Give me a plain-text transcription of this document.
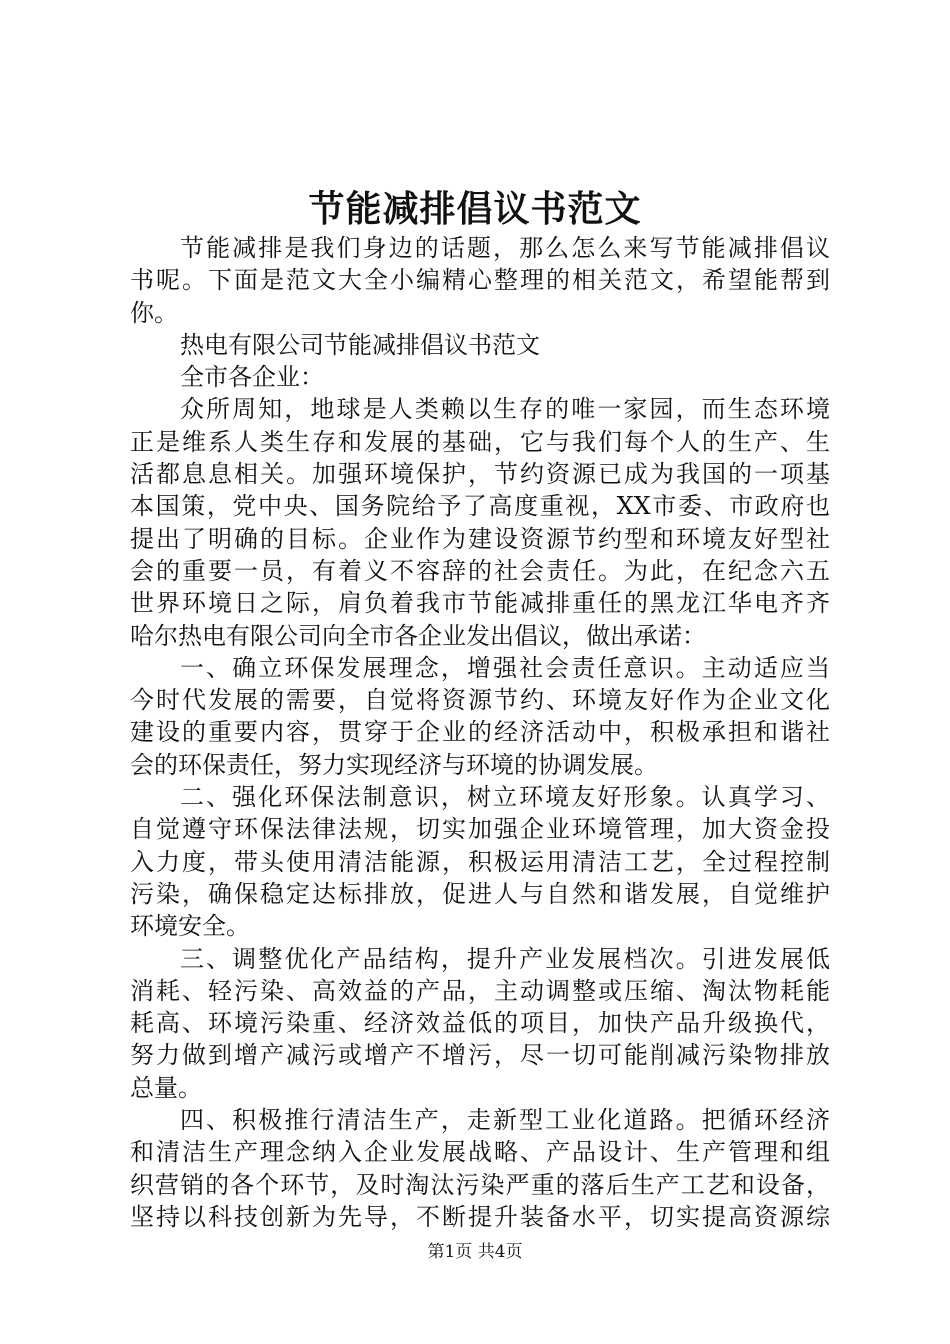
节能减排倡议书范文
节能减排是我们身边的话题，那么怎么来写节能减排倡议
书呢。下面是范文大全小编精心整理的相关范文，希望能帮到
你。
热电有限公司节能减排倡议书范文
全市各企业：
众所周知，地球是人类赖以生存的唯一家园，而生态环境
正是维系人类生存和发展的基础，它与我们每个人的生产、生
活都息息相关。加强环境保护，节约资源已成为我国的一项基
本国策，党中央、国务院给予了高度重视，XX市委、市政府也
提出了明确的目标。企业作为建设资源节约型和环境友好型社
会的重要一员，有着义不容辞的社会责任。为此，在纪念六五
世界环境日之际，肩负着我市节能减排重任的黑龙江华电齐齐
哈尔热电有限公司向全市各企业发出倡议，做出承诺：
一、确立环保发展理念，增强社会责任意识。主动适应当
今时代发展的需要，自觉将资源节约、环境友好作为企业文化
建设的重要内容，贯穿于企业的经济活动中，积极承担和谐社
会的环保责任，努力实现经济与环境的协调发展。
二、强化环保法制意识，树立环境友好形象。认真学习、
自觉遵守环保法律法规，切实加强企业环境管理，加大资金投
入力度，带头使用清洁能源，积极运用清洁工艺，全过程控制
污染，确保稳定达标排放，促进人与自然和谐发展，自觉维护
环境安全。
三、调整优化产品结构，提升产业发展档次。引进发展低
消耗、轻污染、高效益的产品，主动调整或压缩、淘汰物耗能
耗高、环境污染重、经济效益低的项目，加快产品升级换代，
努力做到增产减污或增产不增污，尽一切可能削减污染物排放
总量。
四、积极推行清洁生产，走新型工业化道路。把循环经济
和清洁生产理念纳入企业发展战略、产品设计、生产管理和组
织营销的各个环节，及时淘汰污染严重的落后生产工艺和设备，
坚持以科技创新为先导，不断提升装备水平，切实提高资源综
第1页 共4页
